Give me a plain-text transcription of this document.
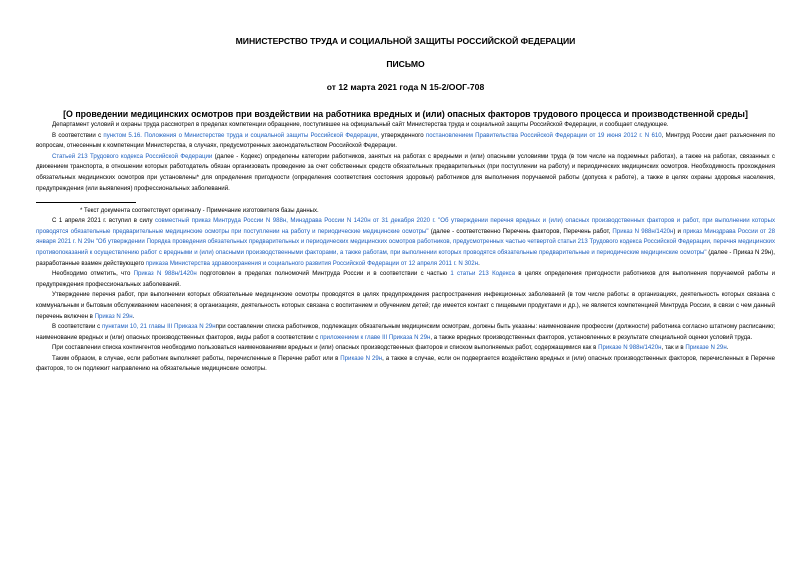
МИНИСТЕРСТВО ТРУДА И СОЦИАЛЬНОЙ ЗАЩИТЫ РОССИЙСКОЙ ФЕДЕРАЦИИ
ПИСЬМО
от 12 марта 2021 года N 15-2/ООГ-708
[О проведении медицинских осмотров при воздействии на работника вредных и (или) опасных факторов трудового процесса и производственной среды]

Департамент условий и охраны труда рассмотрел в пределах компетенции обращение, поступившее на официальный сайт Министерства труда и социальной защиты Российской Федерации, и сообщает следующее.

В соответствии с пунктом 5.16. Положения о Министерстве труда и социальной защиты Российской Федерации, утвержденного постановлением Правительства Российской Федерации от 19 июня 2012 г. N 610, Минтруд России дает разъяснения по вопросам, отнесенным к компетенции Министерства, в случаях, предусмотренных законодательством Российской Федерации.

Статьей 213 Трудового кодекса Российской Федерации (далее - Кодекс) определены категории работников, занятых на работах с вредными и (или) опасными условиями труда (в том числе на подземных работах), а также на работах, связанных с движением транспорта, в отношении которых работодатель обязан организовать проведение за счет собственных средств обязательных предварительных (при поступлении на работу) и периодических медицинских осмотров. Необходимость прохождения обязательных медицинских осмотров при установлены* для определения пригодности (определения соответствия состояния здоровья) работников для выполнения поручаемой работы (допуска к работе), а также в целях охраны здоровья населения, предупреждения (или выявления) профессиональных заболеваний.

* Текст документа соответствует оригиналу - Примечание изготовителя базы данных.

С 1 апреля 2021 г. вступил в силу совместный приказ Минтруда России N 988н, Минздрава России N 1420н от 31 декабря 2020 г. "Об утверждении перечня вредных и (или) опасных производственных факторов и работ, при выполнении которых проводятся обязательные предварительные медицинские осмотры при поступлении на работу и периодические медицинские осмотры" (далее - соответственно Перечень факторов, Перечень работ, Приказ N 988н/1420н) и приказ Минздрава России от 28 января 2021 г. N 29н "Об утверждении Порядка проведения обязательных предварительных и периодических медицинских осмотров работников, предусмотренных частью четвертой статьи 213 Трудового кодекса Российской Федерации, перечня медицинских противопоказаний к осуществлению работ с вредными и (или) опасными производственными факторами, а также работам, при выполнении которых проводятся обязательные предварительные и периодические медицинские осмотры" (далее - Приказ N 29н), разработанные взамен действующего приказа Министерства здравоохранения и социального развития Российской Федерации от 12 апреля 2011 г. N 302н.

Необходимо отметить, что Приказ N 988н/1420н подготовлен в пределах полномочий Минтруда России и в соответствии с частью 1 статьи 213 Кодекса в целях определения пригодности работников для выполнения поручаемой работы и предупреждения профессиональных заболеваний.

Утверждение перечня работ, при выполнении которых обязательные медицинские осмотры проводятся в целях предупреждения распространения инфекционных заболеваний (в том числе работы: в организациях, деятельность которых связана с коммунальным и бытовым обслуживанием населения; в организациях, деятельность которых связана с воспитанием и обучением детей; где имеется контакт с пищевыми продуктами и др.), не является компетенцией Минтруда России, в связи с чем данный перечень включен в Приказ N 29н.

В соответствии с пунктами 10, 21 главы III Приказа N 29нпри составлении списка работников, подлежащих обязательным медицинским осмотрам, должны быть указаны: наименование профессии (должности) работника согласно штатному расписанию; наименование вредных и (или) опасных производственных факторов, виды работ в соответствии с приложением к главе III Приказа N 29н, а также вредных производственных факторов, установленных в результате специальной оценки условий труда.

При составлении списка контингентов необходимо пользоваться наименованиями вредных и (или) опасных производственных факторов и списком выполняемых работ, содержащимися как в Приказе N 988н/1420н, так и в Приказе N 29н.

Таким образом, в случае, если работник выполняет работы, перечисленные в Перечне работ или в Приказе N 29н, а также в случае, если он подвергается воздействию вредных и (или) опасных производственных факторов, перечисленных в Перечне факторов, то он подлежит направлению на обязательные медицинские осмотры.
